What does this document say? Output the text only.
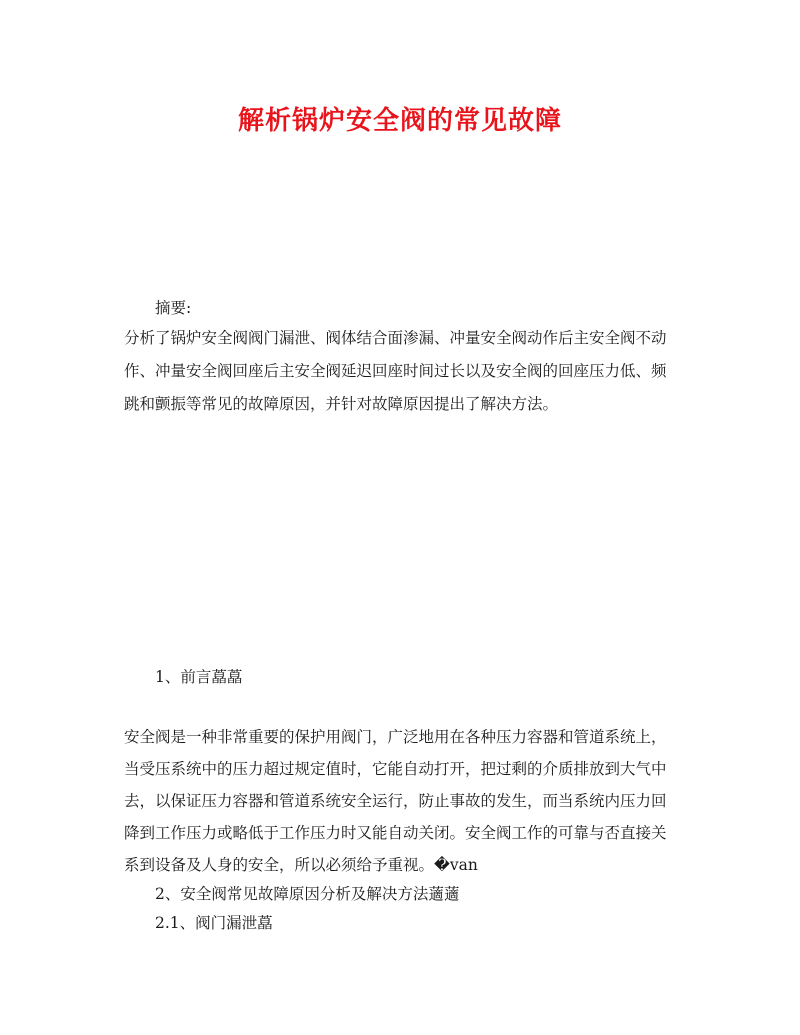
解析锅炉安全阀的常见故障

摘要:

分析了锅炉安全阀阀门漏泄、阀体结合面渗漏、冲量安全阀动作后主安全阀不动

作、冲量安全阀回座后主安全阀延迟回座时间过长以及安全阀的回座压力低、频

跳和颤振等常见的故障原因，并针对故障原因提出了解决方法。

1、前言藠藠

安全阀是一种非常重要的保护用阀门，广泛地用在各种压力容器和管道系统上，

当受压系统中的压力超过规定值时，它能自动打开，把过剩的介质排放到大气中

去，以保证压力容器和管道系统安全运行，防止事故的发生，而当系统内压力回

降到工作压力或略低于工作压力时又能自动关闭。安全阀工作的可靠与否直接关

系到设备及人身的安全，所以必须给予重视。�van

2、安全阀常见故障原因分析及解决方法藡藡

2.1、阀门漏泄藠
